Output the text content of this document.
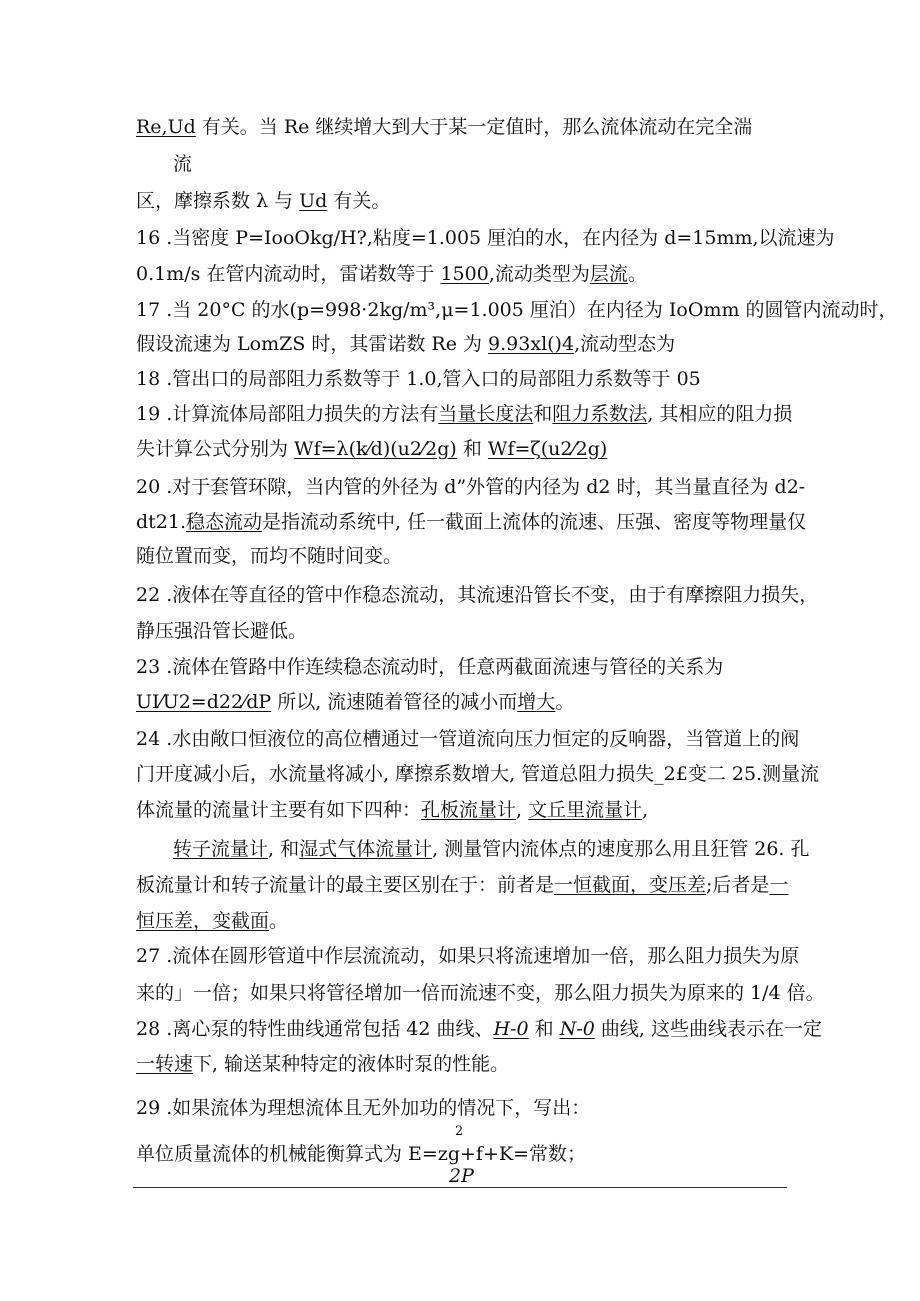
Re,Ud 有关。当 Re 继续增大到大于某一定值时，那么流体流动在完全湍
流
区，摩擦系数 λ 与 Ud 有关。
16 .当密度 P=IooOkg/H?,粘度=1.005 厘泊的水，在内径为 d=15mm,以流速为
0.1m/s 在管内流动时，雷诺数等于 1500,流动类型为层流。
17 .当 20°C 的水(p=998·2kg∕m³,μ=1.005 厘泊）在内径为 IoOmm 的圆管内流动时，
假设流速为 LomZS 时，其雷诺数 Re 为 9.93xl()4,流动型态为
18 .管出口的局部阻力系数等于 1.0,管入口的局部阻力系数等于 05
19 .计算流体局部阻力损失的方法有当量长度法和阻力系数法, 其相应的阻力损
失计算公式分别为 Wf=λ(k⁄d)(u2⁄2g) 和 Wf=ζ(u2⁄2g)
20 .对于套管环隙，当内管的外径为 d”外管的内径为 d2 时，其当量直径为 d2-
dt21.稳态流动是指流动系统中, 任一截面上流体的流速、压强、密度等物理量仅
随位置而变，而均不随时间变。
22 .液体在等直径的管中作稳态流动，其流速沿管长不变，由于有摩擦阻力损失，
静压强沿管长避低。
23 .流体在管路中作连续稳态流动时，任意两截面流速与管径的关系为
UI⁄U2=d22⁄dP 所以, 流速随着管径的减小而增大。
24 .水由敞口恒液位的高位槽通过一管道流向压力恒定的反响器，当管道上的阀
门开度减小后，水流量将减小, 摩擦系数增大, 管道总阻力损失_2£变二 25.测量流
体流量的流量计主要有如下四种：孔板流量计, 文丘里流量计,
转子流量计, 和湿式气体流量计, 测量管内流体点的速度那么用且狂管 26. 孔
板流量计和转子流量计的最主要区别在于：前者是一恒截面，变压差;后者是一
恒压差，变截面。
27 .流体在圆形管道中作层流流动，如果只将流速增加一倍，那么阻力损失为原
来的」一倍；如果只将管径增加一倍而流速不变，那么阻力损失为原来的 1/4 倍。
28 .离心泵的特性曲线通常包括 42 曲线、H-0 和 N-0 曲线, 这些曲线表示在一定
一转速下, 输送某种特定的液体时泵的性能。
29 .如果流体为理想流体且无外加功的情况下，写出：
单位质量流体的机械能衡算式为 E=zg+f+K=常数；
2
2P
